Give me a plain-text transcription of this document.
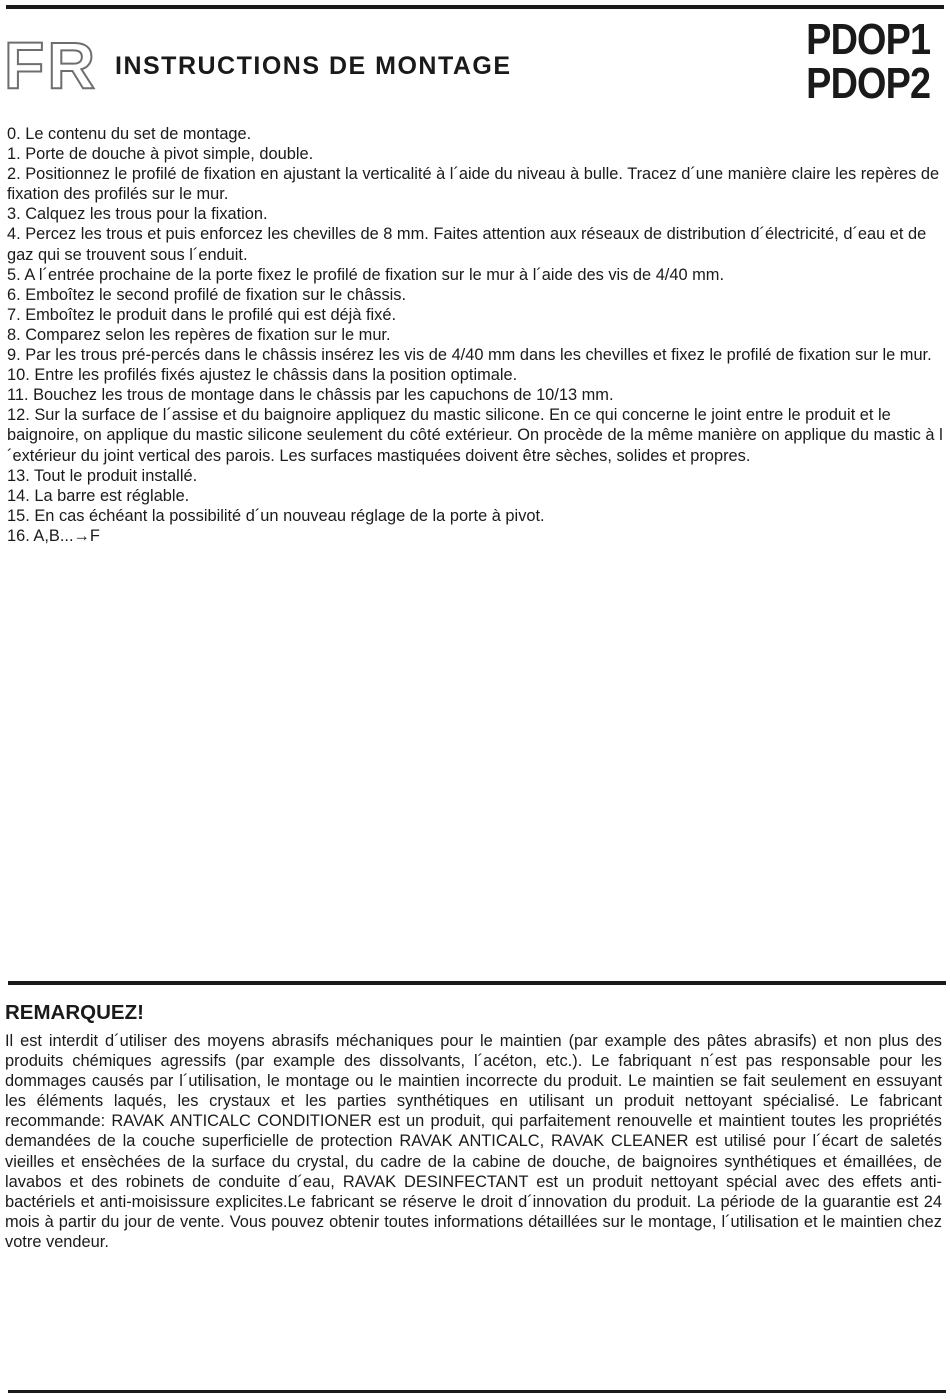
FR INSTRUCTIONS DE MONTAGE
PDOP1
PDOP2
0. Le contenu du set de montage.
1. Porte de douche à pivot simple, double.
2. Positionnez le profilé de fixation en ajustant la verticalité à l´aide du niveau à bulle. Tracez d´une manière claire les repères de fixation des profilés sur le mur.
3. Calquez les trous pour la fixation.
4. Percez les trous et puis enforcez les chevilles de 8 mm. Faites attention aux réseaux de distribution d´électricité, d´eau et de gaz qui se trouvent sous l´enduit.
5. A l´entrée prochaine de la porte fixez le profilé de fixation sur le mur à l´aide des vis de 4/40 mm.
6. Emboîtez le second profilé de fixation sur le châssis.
7. Emboîtez le produit dans le profilé qui est déjà fixé.
8. Comparez selon les repères de fixation sur le mur.
9. Par les trous pré-percés dans le châssis insérez les vis de 4/40 mm dans les chevilles et fixez le profilé de fixation sur le mur.
10. Entre les profilés fixés ajustez le châssis dans la position optimale.
11. Bouchez les trous de montage dans le châssis par les capuchons de 10/13 mm.
12. Sur la surface de l´assise et du baignoire appliquez du mastic silicone. En ce qui concerne le joint entre le produit et le baignoire, on applique du mastic silicone seulement du côté extérieur. On procède de la même manière on applique du mastic à l´extérieur du joint vertical des parois. Les surfaces mastiquées doivent être sèches, solides et propres.
13. Tout le produit installé.
14. La barre est réglable.
15. En cas échéant la possibilité d´un nouveau réglage de la porte à pivot.
16. A,B...→F
REMARQUEZ!

Il est interdit d´utiliser des moyens abrasifs méchaniques pour le maintien (par example des pâtes abrasifs) et non plus des produits chémiques agressifs (par example des dissolvants, l´acéton, etc.). Le fabriquant n´est pas responsable pour les dommages causés par l´utilisation, le montage ou le maintien incorrecte du produit. Le maintien se fait seulement en essuyant les éléments laqués, les crystaux et les parties synthétiques en utilisant un produit nettoyant spécialisé. Le fabricant recommande: RAVAK ANTICALC CONDITIONER est un produit, qui parfaitement renouvelle et maintient toutes les propriétés demandées de la couche superficielle de protection RAVAK ANTICALC, RAVAK CLEANER est utilisé pour l´écart de saletés vieilles et ensèchées de la surface du crystal, du cadre de la cabine de douche, de baignoires synthétiques et émaillées, de lavabos et des robinets de conduite d´eau, RAVAK DESINFECTANT est un produit nettoyant spécial avec des effets anti-bactériels et anti-moisissure explicites.Le fabricant se réserve le droit d´innovation du produit. La période de la guarantie est 24 mois à partir du jour de vente. Vous pouvez obtenir toutes informations détaillées sur le montage, l´utilisation et le maintien chez votre vendeur.
